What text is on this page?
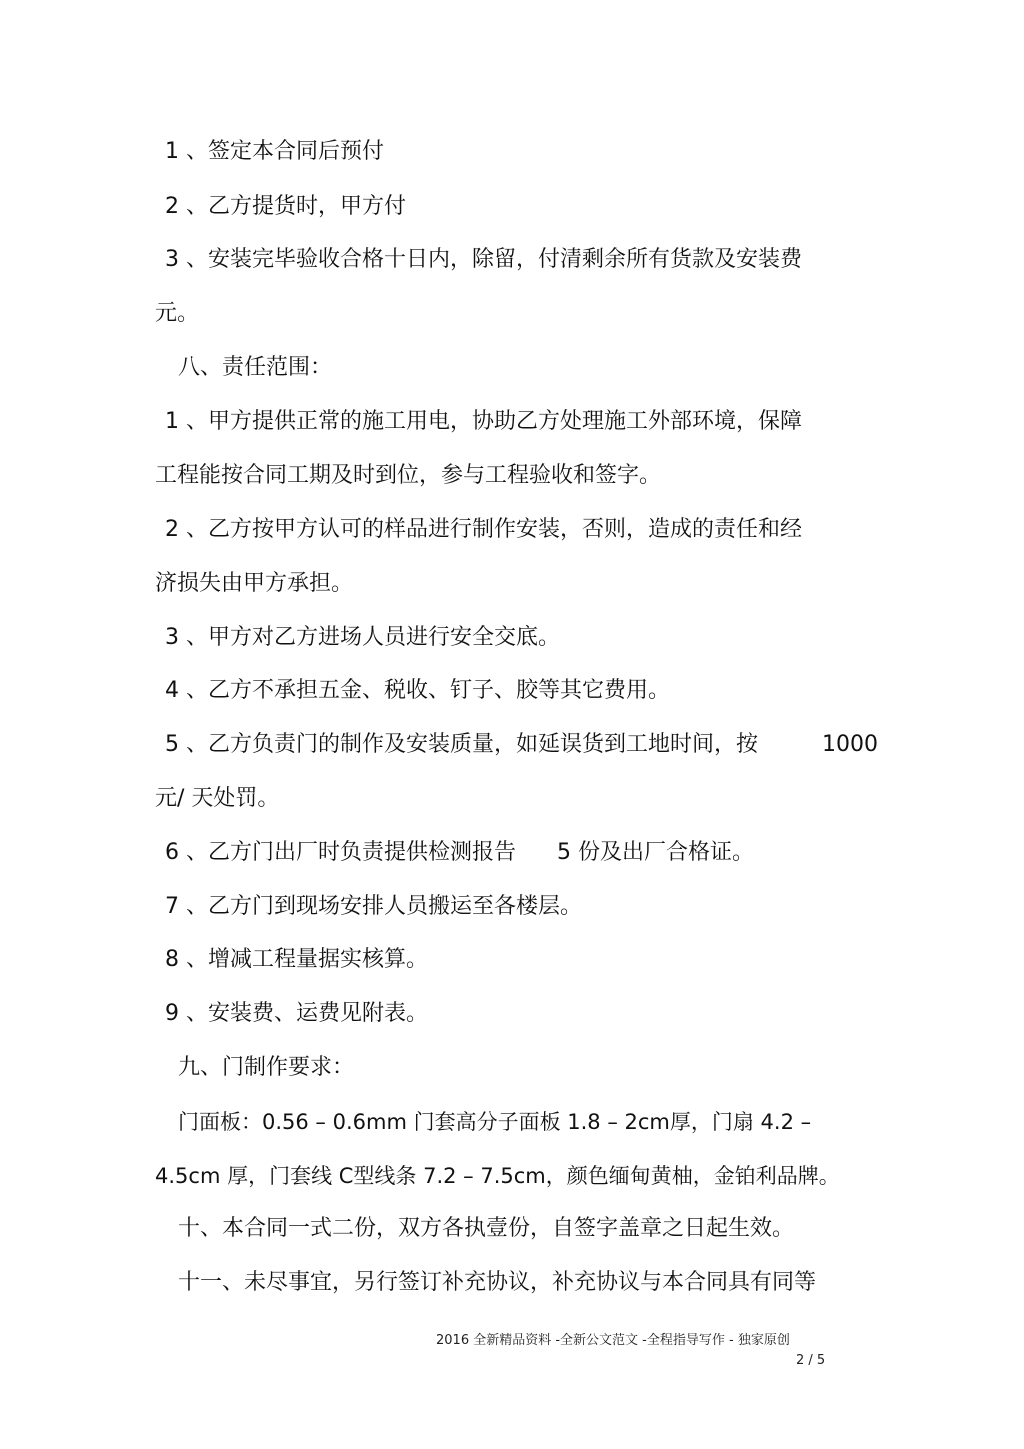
1 、签定本合同后预付
2 、乙方提货时，甲方付
3 、安装完毕验收合格十日内，除留，付清剩余所有货款及安装费
元。
八、责任范围：
1 、甲方提供正常的施工用电，协助乙方处理施工外部环境，保障
工程能按合同工期及时到位，参与工程验收和签字。
2 、乙方按甲方认可的样品进行制作安装，否则，造成的责任和经
济损失由甲方承担。
3 、甲方对乙方进场人员进行安全交底。
4 、乙方不承担五金、税收、钉子、胶等其它费用。
5 、乙方负责门的制作及安装质量，如延误货到工地时间，按	1000
元/ 天处罚。
6 、乙方门出厂时负责提供检测报告 5 份及出厂合格证。
7 、乙方门到现场安排人员搬运至各楼层。
8 、增减工程量据实核算。
9 、安装费、运费见附表。
九、门制作要求：
门面板：0.56 – 0.6mm 门套高分子面板 1.8 – 2cm厚，门扇 4.2 –
4.5cm 厚，门套线 C型线条 7.2 – 7.5cm，颜色缅甸黄柚，金铂利品牌。
十、本合同一式二份，双方各执壹份，自签字盖章之日起生效。
十一、未尽事宜，另行签订补充协议，补充协议与本合同具有同等
2016 全新精品资料 -全新公文范文 -全程指导写作 - 独家原创
2 / 5
